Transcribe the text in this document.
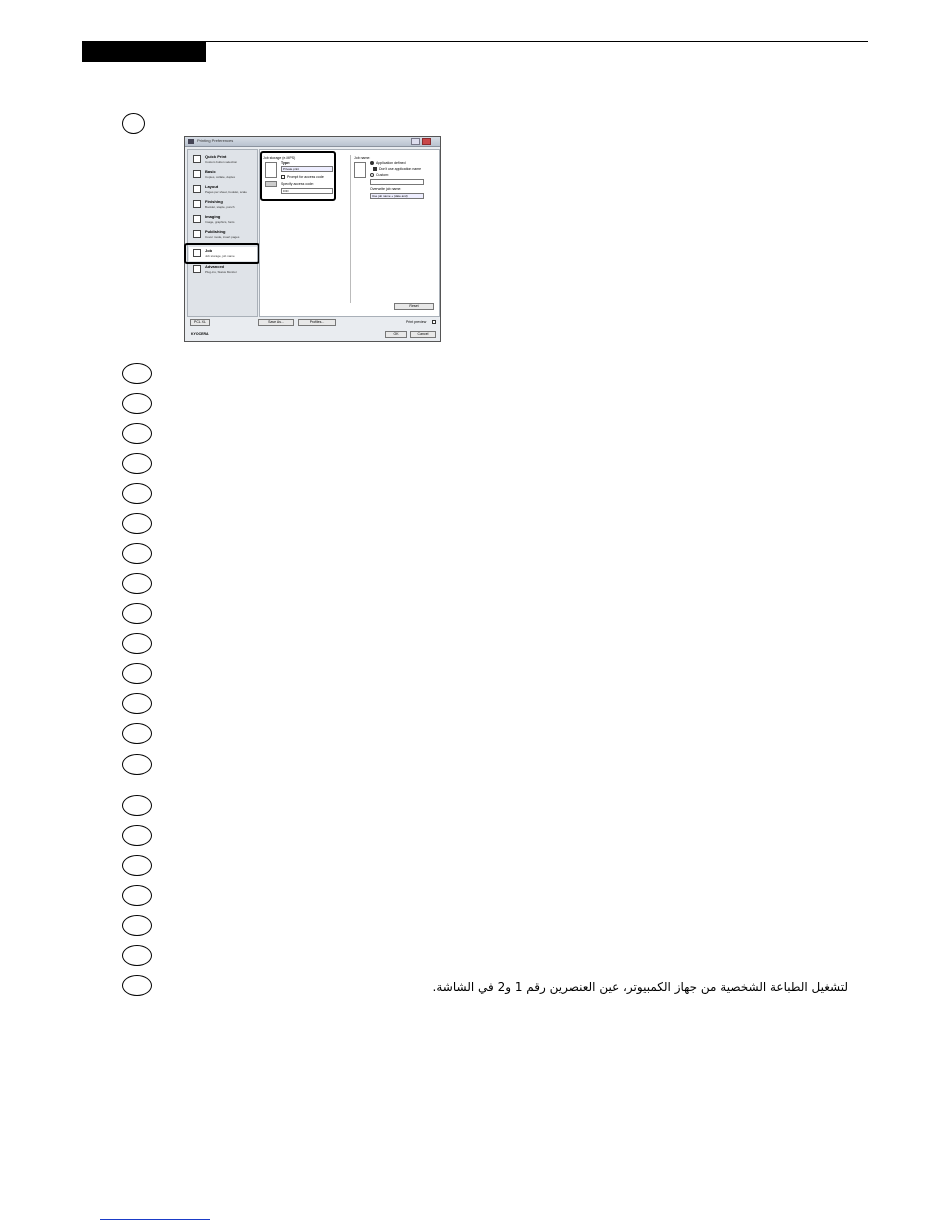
Printing Preferences
Quick Print
Custom button selection
Basic
Copies, collate, duplex
Layout
Pages per sheet, booklet, scale
Finishing
Booklet, staple, punch
Imaging
Image, graphics, fonts
Publishing
Cover mode, insert pages
Job
Job storage, job name
Advanced
Plug-ins, Status Monitor
Job storage (e-MPS)
Type:
Private print
Prompt for access code
Specify access code:
••••
Job name:
Application defined
Don't use application name
Custom:
Overwrite job name:
Use job name + (date and)
Reset
PCL XL	Save As...	Profiles...	Print preview
KYOCERA	OK	Cancel
لتشغيل الطباعة الشخصية من جهاز الكمبيوتر، عين العنصرين رقم 1 و2 في الشاشة.
